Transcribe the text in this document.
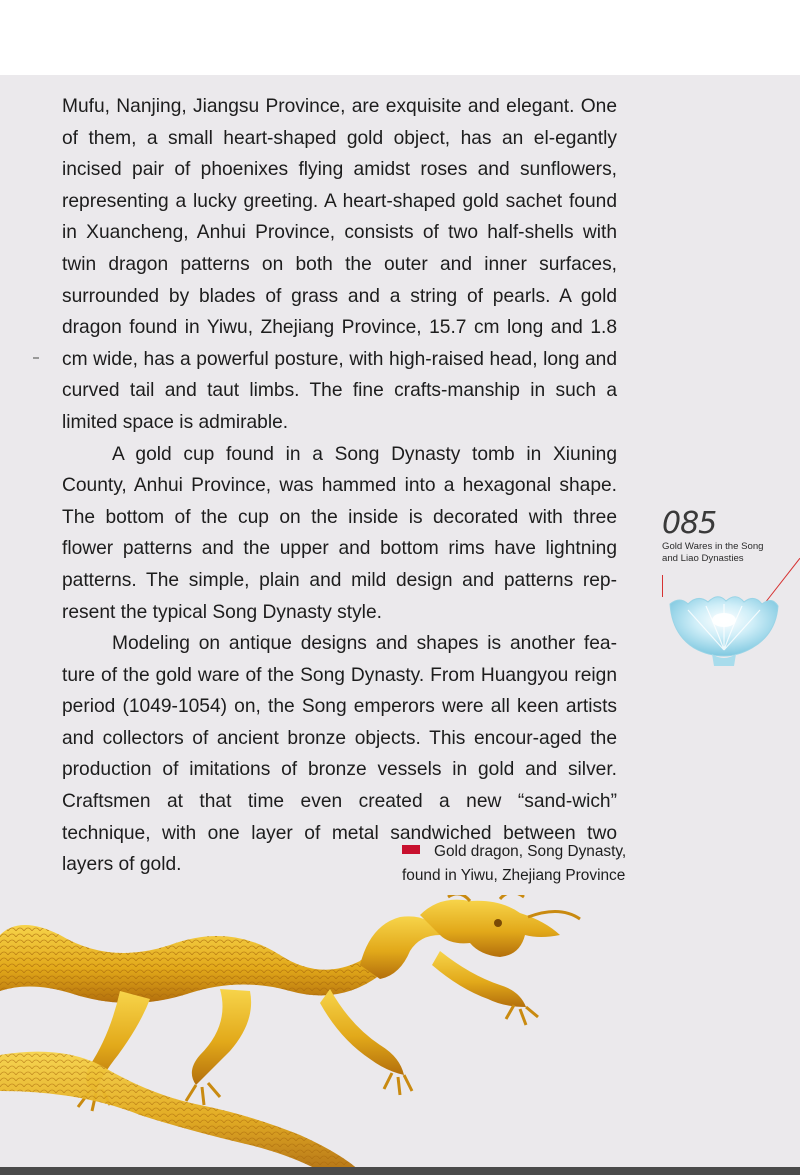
Mufu, Nanjing, Jiangsu Province, are exquisite and elegant. One of them, a small heart-shaped gold object, has an el-egantly incised pair of phoenixes flying amidst roses and sunflowers, representing a lucky greeting. A heart-shaped gold sachet found in Xuancheng, Anhui Province, consists of two half-shells with twin dragon patterns on both the outer and inner surfaces, surrounded by blades of grass and a string of pearls. A gold dragon found in Yiwu, Zhejiang Province, 15.7 cm long and 1.8 cm wide, has a powerful posture, with high-raised head, long and curved tail and taut limbs. The fine crafts-manship in such a limited space is admirable.

A gold cup found in a Song Dynasty tomb in Xiuning County, Anhui Province, was hammed into a hexagonal shape. The bottom of the cup on the inside is decorated with three flower patterns and the upper and bottom rims have lightning patterns. The simple, plain and mild design and patterns rep-resent the typical Song Dynasty style.

Modeling on antique designs and shapes is another fea-ture of the gold ware of the Song Dynasty. From Huangyou reign period (1049-1054) on, the Song emperors were all keen artists and collectors of ancient bronze objects. This encour-aged the production of imitations of bronze vessels in gold and silver. Craftsmen at that time even created a new “sand-wich” technique, with one layer of metal sandwiched between two layers of gold.

085
Gold Wares in the Song and Liao Dynasties
Gold dragon, Song Dynasty,
found in Yiwu, Zhejiang Province
